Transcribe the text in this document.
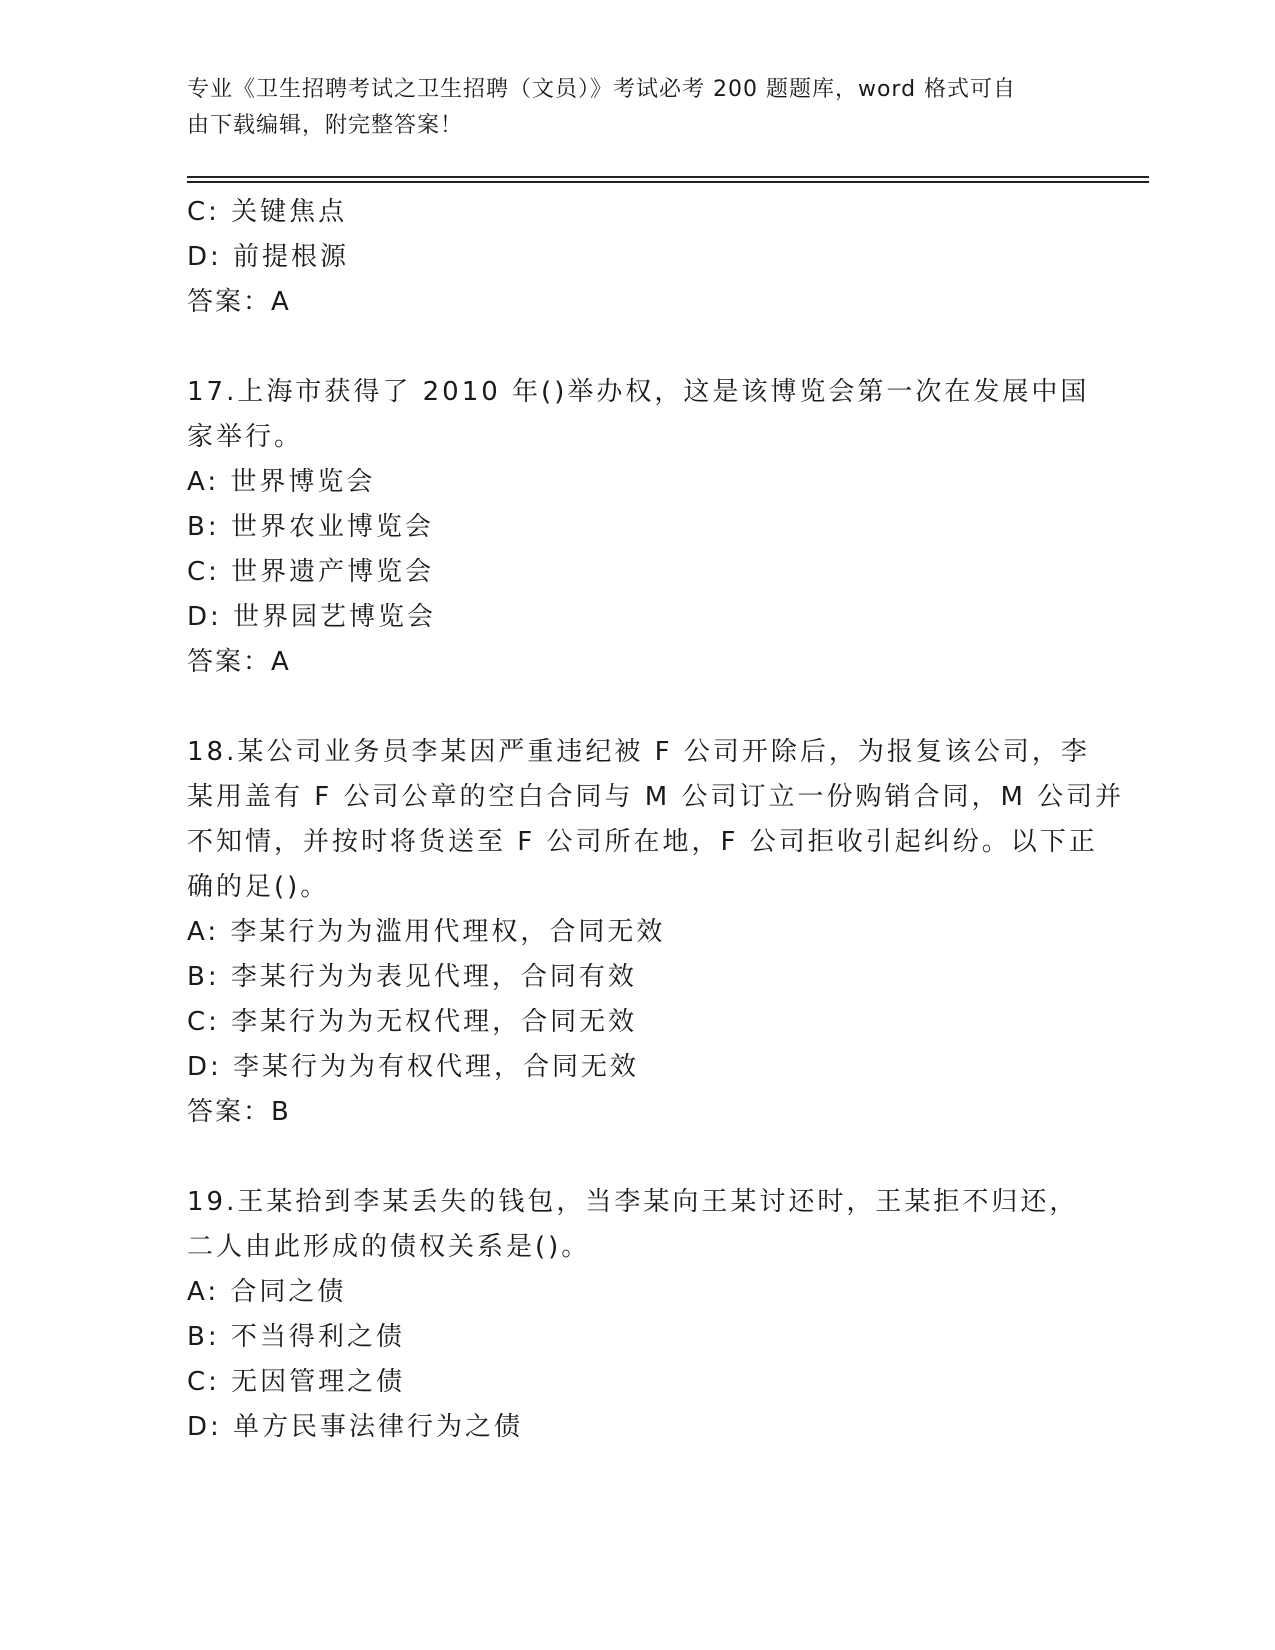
专业《卫生招聘考试之卫生招聘（文员）》考试必考 200 题题库，word 格式可自
由下载编辑，附完整答案！
C: 关键焦点
D: 前提根源
答案：A
17.上海市获得了 2010 年()举办权，这是该博览会第一次在发展中国
家举行。
A: 世界博览会
B: 世界农业博览会
C: 世界遗产博览会
D: 世界园艺博览会
答案：A
18.某公司业务员李某因严重违纪被 F 公司开除后，为报复该公司，李
某用盖有 F 公司公章的空白合同与 M 公司订立一份购销合同，M 公司并
不知情，并按时将货送至 F 公司所在地，F 公司拒收引起纠纷。以下正
确的足()。
A: 李某行为为滥用代理权，合同无效
B: 李某行为为表见代理，合同有效
C: 李某行为为无权代理，合同无效
D: 李某行为为有权代理，合同无效
答案：B
19.王某拾到李某丢失的钱包，当李某向王某讨还时，王某拒不归还，
二人由此形成的债权关系是()。
A: 合同之债
B: 不当得利之债
C: 无因管理之债
D: 单方民事法律行为之债
